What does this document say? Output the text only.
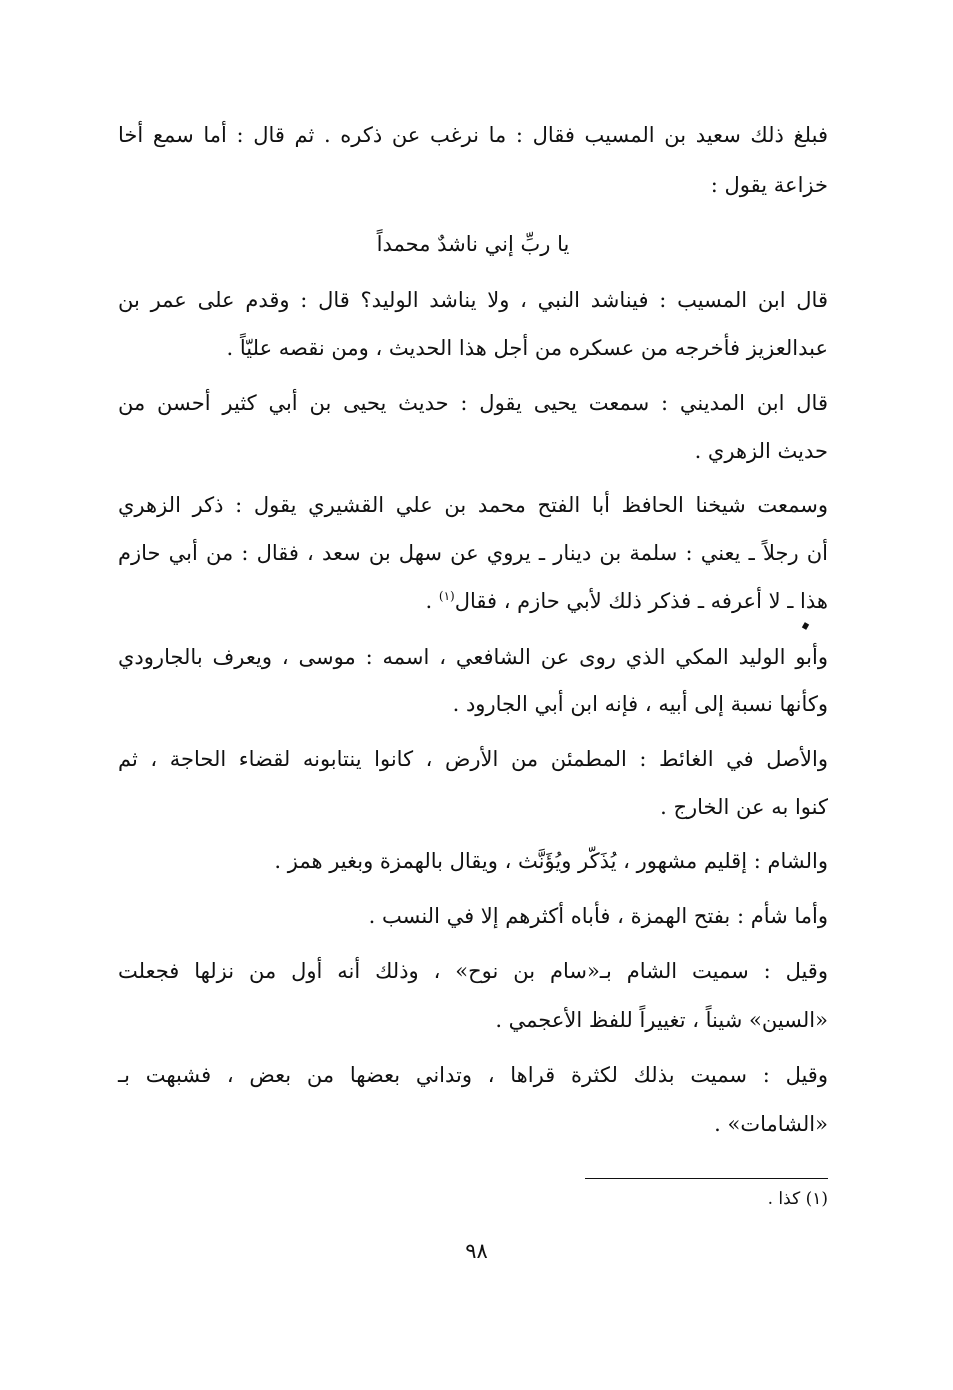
فبلغ ذلك سعيد بن المسيب فقال : ما نرغب عن ذكره . ثم قال : أما سمع أخا
خزاعة يقول :
يا ربِّ إني ناشدٌ محمداً
قال ابن المسيب : فيناشد النبي ، ولا يناشد الوليد؟ قال : وقدم على عمر بن
عبدالعزيز فأخرجه من عسكره من أجل هذا الحديث ، ومن نقصه عليّاً .
قال ابن المديني : سمعت يحيى يقول : حديث يحيى بن أبي كثير أحسن من
حديث الزهري .
وسمعت شيخنا الحافظ أبا الفتح محمد بن علي القشيري يقول : ذكر الزهري
أن رجلاً ـ يعني : سلمة بن دينار ـ يروي عن سهل بن سعد ، فقال : من أبي حازم
هذا ـ لا أعرفه ـ فذكر ذلك لأبي حازم ، فقال$^{(١)}$ .
وأبو الوليد المكي الذي روى عن الشافعي ، اسمه : موسى ، ويعرف بالجارودي
وكأنها نسبة إلى أبيه ، فإنه ابن أبي الجارود .
والأصل في الغائط : المطمئن من الأرض ، كانوا ينتابونه لقضاء الحاجة ، ثم
كنوا به عن الخارج .
والشام : إقليم مشهور ، يُذَكّر ويُؤَنَّث ، ويقال بالهمزة وبغير همز .
وأما شأم : بفتح الهمزة ، فأباه أكثرهم إلا في النسب .
وقيل : سميت الشام بـ«سام بن نوح» ، وذلك أنه أول من نزلها فجعلت
«السين» شيناً ، تغييراً للفظ الأعجمي .
وقيل : سميت بذلك لكثرة قراها ، وتداني بعضها من بعض ، فشبهت بـ
«الشامات» .
(١) كذا .
٩٨
